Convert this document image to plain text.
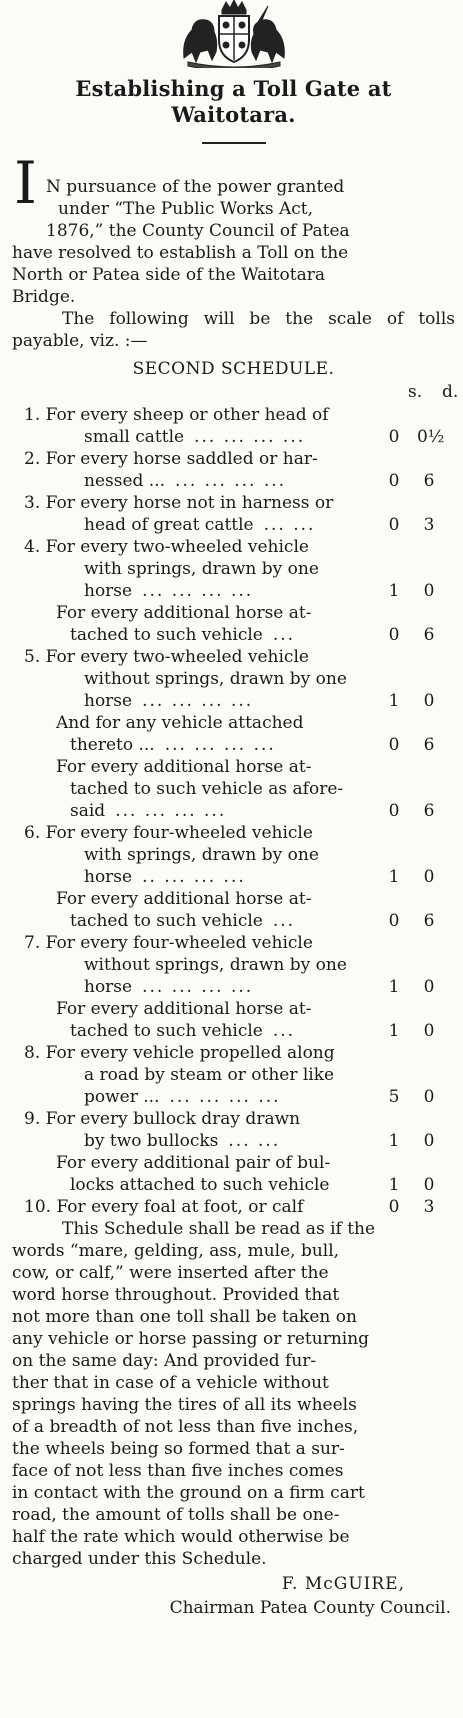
Establishing a Toll Gate at
Waitotara.
I N pursuance of the power granted
under “The Public Works Act,
1876,” the County Council of Patea
have resolved to establish a Toll on the
North or Patea side of the Waitotara
Bridge.

The following will be the scale of tolls payable, viz. :—

SECOND SCHEDULE.
s. d.
1. For every sheep or other head of
small cattle ... ... ... ...	0 0½
2. For every horse saddled or har-
nessed ... ... ... ... ...	0	6
3. For every horse not in harness or
head of great cattle ... ...	0	3
4. For every two-wheeled vehicle
with springs, drawn by one
horse ... ... ... ...	1	0
For every additional horse at-
tached to such vehicle ...	0	6
5. For every two-wheeled vehicle
without springs, drawn by one
horse ... ... ... ...	1	0
And for any vehicle attached
thereto ... ... ... ... ...	0	6
For every additional horse at-
tached to such vehicle as afore-
said ... ... ... ...	0	6
6. For every four-wheeled vehicle
with springs, drawn by one
horse .. ... ... ...	1	0
For every additional horse at-
tached to such vehicle ...	0	6
7. For every four-wheeled vehicle
without springs, drawn by one
horse ... ... ... ...	1	0
For every additional horse at-
tached to such vehicle ...	1	0
8. For every vehicle propelled along
a road by steam or other like
power ... ... ... ... ...	5	0
9. For every bullock dray drawn
by two bullocks ... ...	1	0
For every additional pair of bul-
locks attached to such vehicle	1	0
10. For every foal at foot, or calf	0	3
This Schedule shall be read as if the
words “mare, gelding, ass, mule, bull,
cow, or calf,” were inserted after the
word horse throughout. Provided that
not more than one toll shall be taken on
any vehicle or horse passing or returning
on the same day: And provided fur-
ther that in case of a vehicle without
springs having the tires of all its wheels
of a breadth of not less than five inches,
the wheels being so formed that a sur-
face of not less than five inches comes
in contact with the ground on a firm cart
road, the amount of tolls shall be one-
half the rate which would otherwise be
charged under this Schedule.
F. McGUIRE,
Chairman Patea County Council.
